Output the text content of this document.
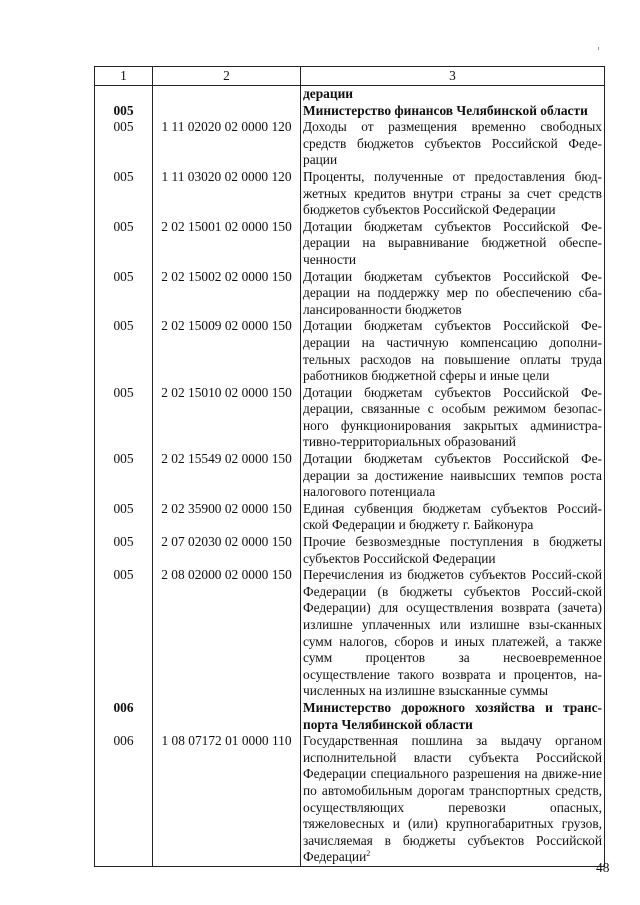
1	2	3
		дерации
005		Министерство финансов Челябинской области
005	1 11 02020 02 0000 120	Доходы от размещения временно свободных средств бюджетов субъектов Российской Феде-рации
005	1 11 03020 02 0000 120	Проценты, полученные от предоставления бюд-жетных кредитов внутри страны за счет средств бюджетов субъектов Российской Федерации
005	2 02 15001 02 0000 150	Дотации бюджетам субъектов Российской Фе-дерации на выравнивание бюджетной обеспе-ченности
005	2 02 15002 02 0000 150	Дотации бюджетам субъектов Российской Фе-дерации на поддержку мер по обеспечению сба-лансированности бюджетов
005	2 02 15009 02 0000 150	Дотации бюджетам субъектов Российской Фе-дерации на частичную компенсацию дополни-тельных расходов на повышение оплаты труда работников бюджетной сферы и иные цели
005	2 02 15010 02 0000 150	Дотации бюджетам субъектов Российской Фе-дерации, связанные с особым режимом безопас-ного функционирования закрытых администра-тивно-территориальных образований
005	2 02 15549 02 0000 150	Дотации бюджетам субъектов Российской Фе-дерации за достижение наивысших темпов роста налогового потенциала
005	2 02 35900 02 0000 150	Единая субвенция бюджетам субъектов Россий-ской Федерации и бюджету г. Байконура
005	2 07 02030 02 0000 150	Прочие безвозмездные поступления в бюджеты субъектов Российской Федерации
005	2 08 02000 02 0000 150	Перечисления из бюджетов субъектов Россий-ской Федерации (в бюджеты субъектов Россий-ской Федерации) для осуществления возврата (зачета) излишне уплаченных или излишне взы-сканных сумм налогов, сборов и иных платежей, а также сумм процентов за несвоевременное осуществление такого возврата и процентов, на-численных на излишне взысканные суммы
006		Министерство дорожного хозяйства и транс-порта Челябинской области
006	1 08 07172 01 0000 110	Государственная пошлина за выдачу органом исполнительной власти субъекта Российской Федерации специального разрешения на движе-ние по автомобильным дорогам транспортных средств, осуществляющих перевозки опасных, тяжеловесных и (или) крупногабаритных грузов, зачисляемая в бюджеты субъектов Российской Федерации$^2$
48
